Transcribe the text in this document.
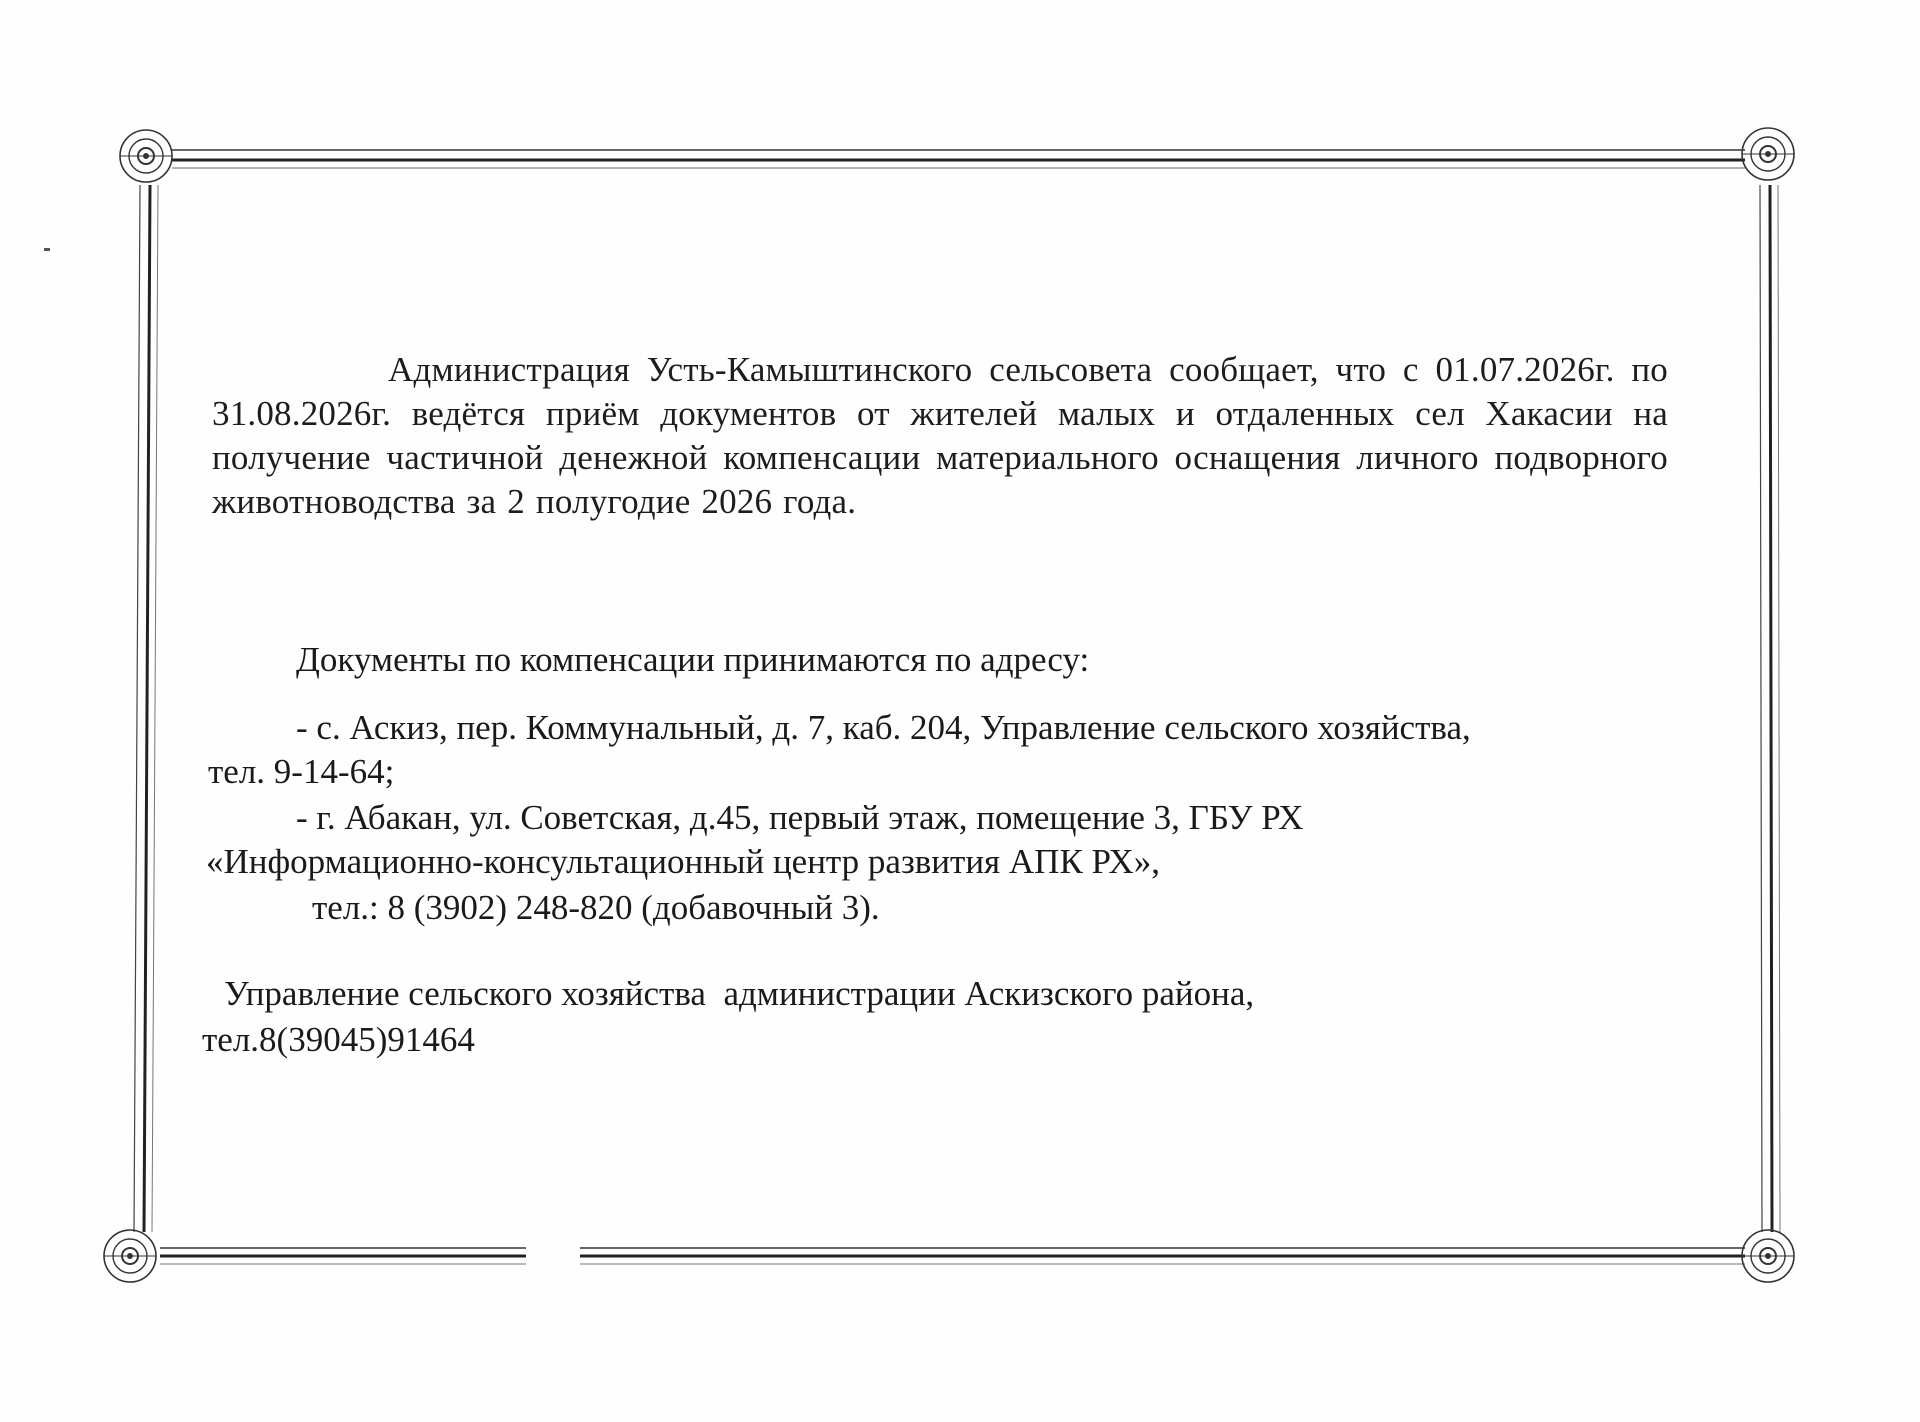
Администрация Усть-Камыштинского сельсовета сообщает, что с 01.07.2026г. по 31.08.2026г. ведётся приём документов от жителей малых и отдаленных сел Хакасии на получение частичной денежной компенсации материального оснащения личного подворного животноводства за 2 полугодие 2026 года.
Документы по компенсации принимаются по адресу:
- с. Аскиз, пер. Коммунальный, д. 7, каб. 204, Управление сельского хозяйства,
тел. 9-14-64;
- г. Абакан, ул. Советская, д.45, первый этаж, помещение 3, ГБУ РХ
«Информационно-консультационный центр развития АПК РХ»,
тел.: 8 (3902) 248-820 (добавочный 3).
Управление сельского хозяйства  администрации Аскизского района,
тел.8(39045)91464
